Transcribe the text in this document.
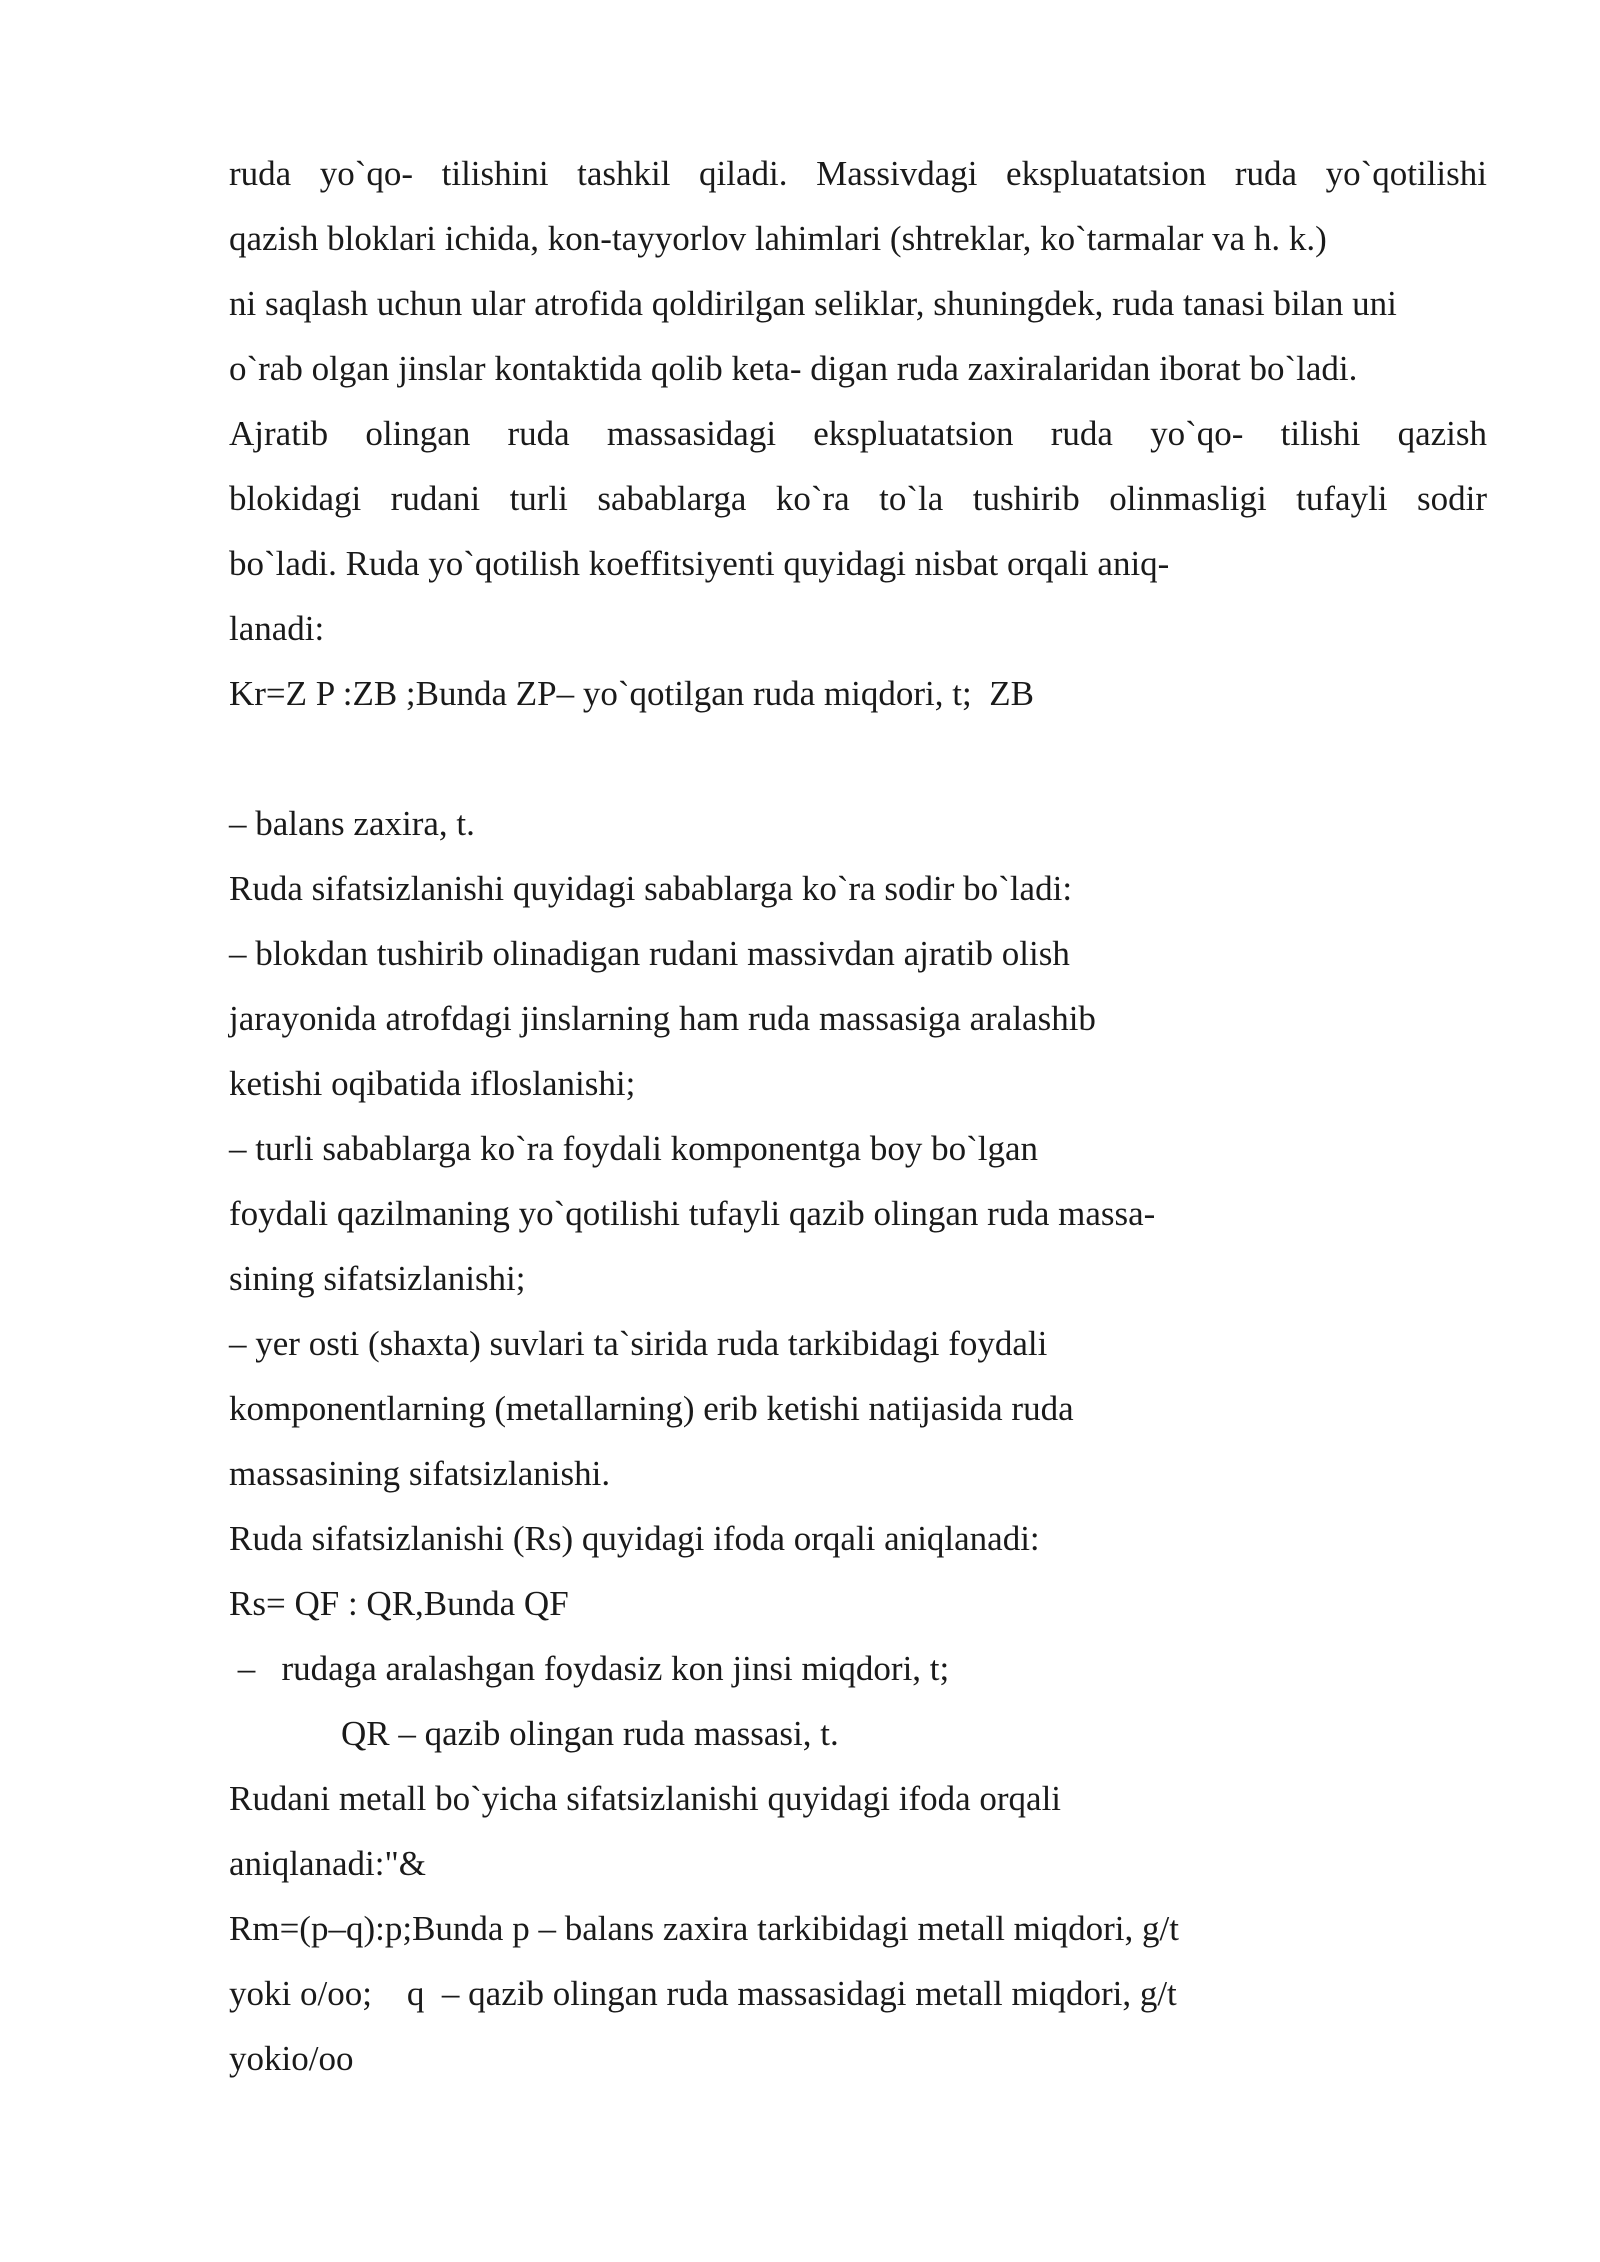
ruda yo`qo- tilishini tashkil qiladi. Massivdagi ekspluatatsion ruda yo`qotilishi

qazish bloklari ichida, kon-tayyorlov lahimlari (shtreklar, ko`tarmalar va h. k.)

ni saqlash uchun ular atrofida qoldirilgan seliklar, shuningdek, ruda tanasi bilan uni

o`rab olgan jinslar kontaktida qolib keta- digan ruda zaxiralaridan iborat bo`ladi.

Ajratib olingan ruda massasidagi ekspluatatsion ruda yo`qo- tilishi qazish

blokidagi rudani turli sabablarga ko`ra to`la tushirib olinmasligi tufayli sodir

bo`ladi. Ruda yo`qotilish koeffitsiyenti quyidagi nisbat orqali aniq-

lanadi:

Kr=Z P :ZB ;Bunda ZP– yo`qotilgan ruda miqdori, t;  ZB

– balans zaxira, t.

Ruda sifatsizlanishi quyidagi sabablarga ko`ra sodir bo`ladi:

– blokdan tushirib olinadigan rudani massivdan ajratib olish

jarayonida atrofdagi jinslarning ham ruda massasiga aralashib

ketishi oqibatida ifloslanishi;

– turli sabablarga ko`ra foydali komponentga boy bo`lgan

foydali qazilmaning yo`qotilishi tufayli qazib olingan ruda massa-

sining sifatsizlanishi;

– yer osti (shaxta) suvlari ta`sirida ruda tarkibidagi foydali

komponentlarning (metallarning) erib ketishi natijasida ruda

massasining sifatsizlanishi.

Ruda sifatsizlanishi (Rs) quyidagi ifoda orqali aniqlanadi:

Rs= QF : QR,Bunda QF

–   rudaga aralashgan foydasiz kon jinsi miqdori, t;

QR – qazib olingan ruda massasi, t.

Rudani metall bo`yicha sifatsizlanishi quyidagi ifoda orqali

aniqlanadi:"&

Rm=(p–q):p;Bunda p – balans zaxira tarkibidagi metall miqdori, g/t

yoki o/oo;    q  – qazib olingan ruda massasidagi metall miqdori, g/t

yokio/oo
